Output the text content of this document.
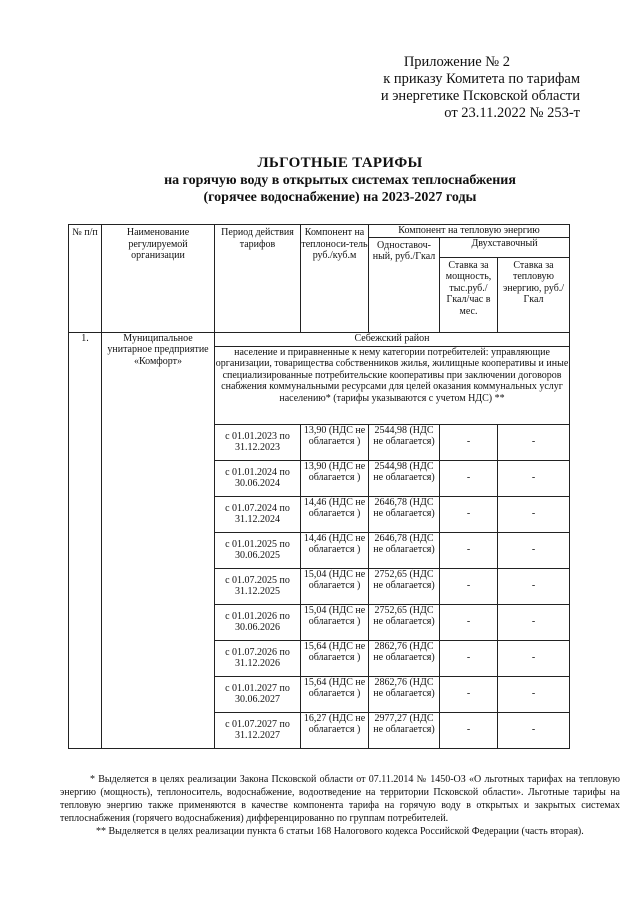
Приложение № 2
к приказу Комитета по тарифам
и энергетике Псковской области
от 23.11.2022 № 253-т
ЛЬГОТНЫЕ ТАРИФЫ
на горячую воду в открытых системах теплоснабжения
(горячее водоснабжение) на 2023-2027 годы
№ п/п	Наименование регулируемой организации	Период действия тарифов	Компонент на теплоноси-тель руб./куб.м	Компонент на тепловую энергию		
				Одноставоч-ный, руб./Гкал	Двухставочный	
					Ставка за мощность, тыс.руб./ Гкал/час в мес.	Ставка за тепловую энергию, руб./Гкал
1.	Муниципальное унитарное предприятие «Комфорт»	Себежский район				
		население и приравненные к нему категории потребителей: управляющие организации, товарищества собственников жилья, жилищные кооперативы и иные специализированные потребительские кооперативы при заключении договоров снабжения коммунальными ресурсами для целей оказания коммунальных услуг населению* (тарифы указываются с учетом НДС) **				
		с 01.01.2023 по 31.12.2023	13,90 (НДС не облагается )	2544,98 (НДС не облагается)	-	-
		с 01.01.2024 по 30.06.2024	13,90 (НДС не облагается )	2544,98 (НДС не облагается)	-	-
		с 01.07.2024 по 31.12.2024	14,46 (НДС не облагается )	2646,78 (НДС не облагается)	-	-
		с 01.01.2025 по 30.06.2025	14,46 (НДС не облагается )	2646,78 (НДС не облагается)	-	-
		с 01.07.2025 по 31.12.2025	15,04 (НДС не облагается )	2752,65 (НДС не облагается)	-	-
		с 01.01.2026 по 30.06.2026	15,04 (НДС не облагается )	2752,65 (НДС не облагается)	-	-
		с 01.07.2026 по 31.12.2026	15,64 (НДС не облагается )	2862,76 (НДС не облагается)	-	-
		с 01.01.2027 по 30.06.2027	15,64 (НДС не облагается )	2862,76 (НДС не облагается)	-	-
		с 01.07.2027 по 31.12.2027	16,27 (НДС не облагается )	2977,27 (НДС не облагается)	-	-

* Выделяется в целях реализации Закона Псковской области от 07.11.2014 № 1450-ОЗ «О льготных тарифах на тепловую энергию (мощность), теплоноситель, водоснабжение, водоотведение на территории Псковской области». Льготные тарифы на тепловую энергию также применяются в качестве компонента тарифа на горячую воду в открытых и закрытых системах теплоснабжения (горячего водоснабжения) дифференцированно по группам потребителей.

** Выделяется в целях реализации пункта 6 статьи 168 Налогового кодекса Российской Федерации (часть вторая).
